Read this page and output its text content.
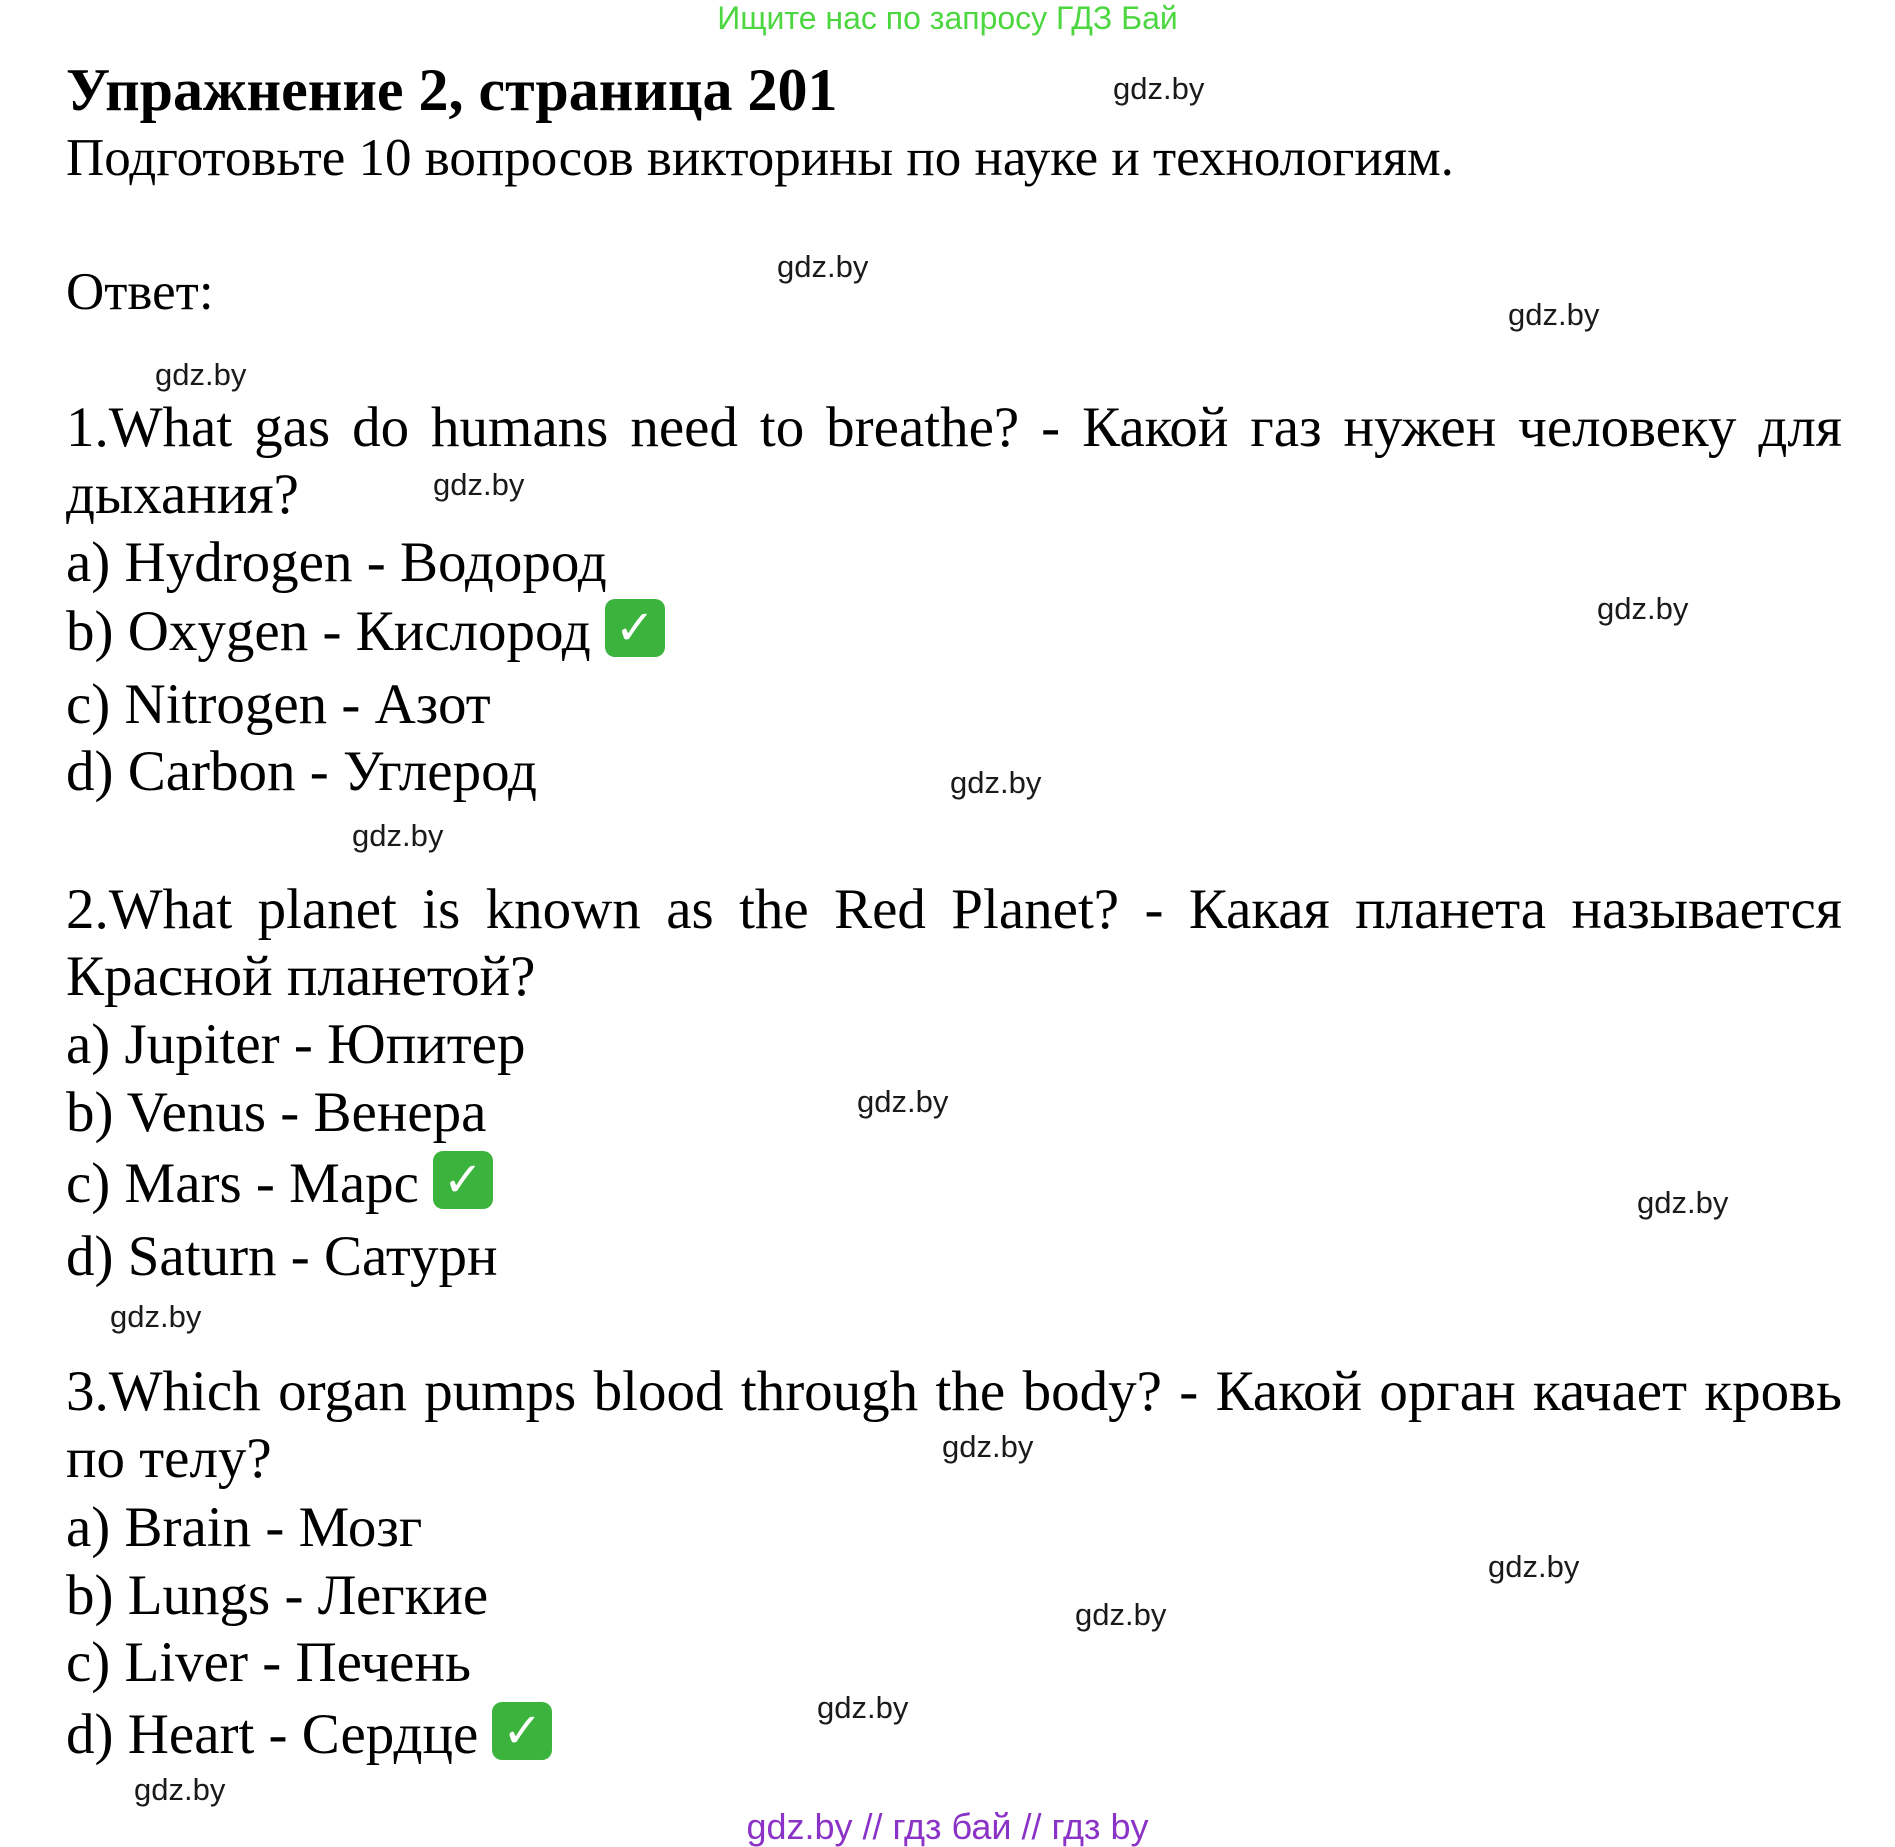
Ищите нас по запросу ГДЗ Бай
Упражнение 2, страница 201
Подготовьте 10 вопросов викторины по науке и технологиям.
Ответ:
1.What gas do humans need to breathe? - Какой газ нужен человеку для дыхания?
a) Hydrogen - Водород
b) Oxygen - Кислород ✓
c) Nitrogen - Азот
d) Carbon - Углерод
2.What planet is known as the Red Planet? - Какая планета называется Красной планетой?
a) Jupiter - Юпитер
b) Venus - Венера
c) Mars - Марс ✓
d) Saturn - Сатурн
3.Which organ pumps blood through the body? - Какой орган качает кровь по телу?
a) Brain - Мозг
b) Lungs - Легкие
c) Liver - Печень
d) Heart - Сердце ✓
gdz.by
gdz.by
gdz.by
gdz.by
gdz.by
gdz.by
gdz.by
gdz.by
gdz.by
gdz.by
gdz.by
gdz.by
gdz.by
gdz.by
gdz.by
gdz.by
gdz.by // гдз бай // гдз by
